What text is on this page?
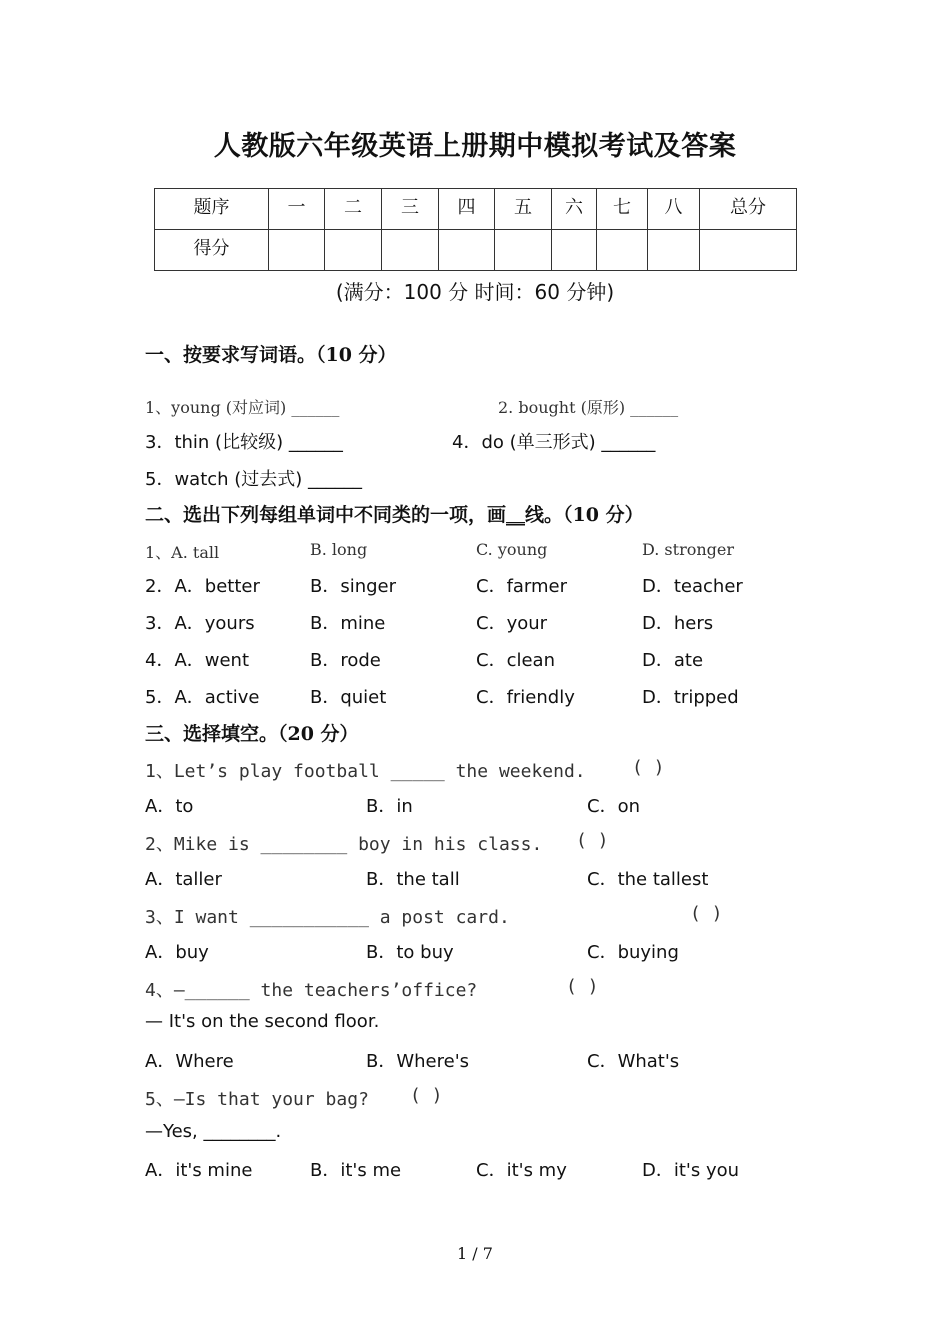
人教版六年级英语上册期中模拟考试及答案
题序	一	二	三	四	五	六	七	八	总分
得分									
(满分：100 分 时间：60 分钟)
一、按要求写词语。（10 分）
1、young (对应词) ______	2. bought (原形) ______
3．thin (比较级) ______	4．do (单三形式) ______
5．watch (过去式) ______
二、选出下列每组单词中不同类的一项，画__线。（10 分）
1、A. tall	B. long	C. young	D. stronger
2．A．better	B．singer	C．farmer	D．teacher
3．A．yours	B．mine	C．your	D．hers
4．A．went	B．rode	C．clean	D．ate
5．A．active	B．quiet	C．friendly	D．tripped
三、选择填空。（20 分）
1、Let’s play football _____ the weekend.	( )
A．to	B．in	C．on
2、Mike is ________ boy in his class. ( )
A．taller	B．the tall	C．the tallest
3、I want ___________ a post card.	( )
A．buy	B．to buy	C．buying
4、—______ the teachers’office?	( )
— It's on the second floor.
A．Where	B．Where's	C．What's
5、—Is that your bag? ( )
—Yes, ________.
A．it's mine	B．it's me	C．it's my	D．it's you
1 / 7
